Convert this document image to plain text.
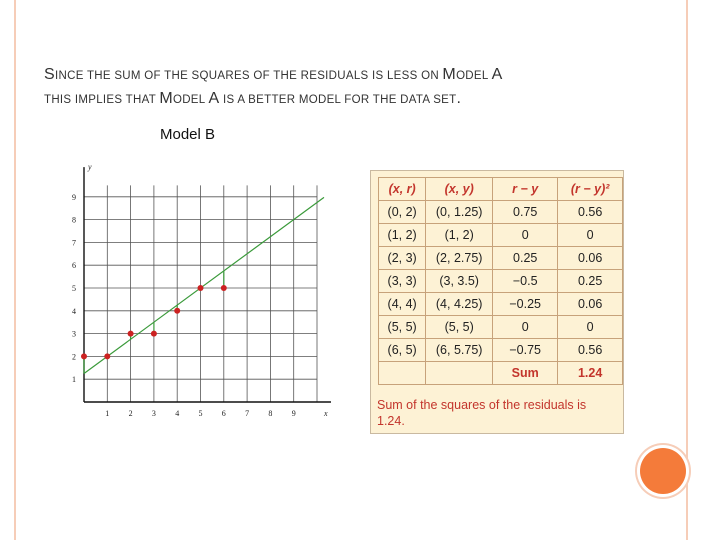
SINCE THE SUM OF THE SQUARES OF THE RESIDUALS IS LESS ON MODEL A
THIS IMPLIES THAT MODEL A IS A BETTER MODEL FOR THE DATA SET.
Model B
1 2 3 4 5 6 7 8 9
1
2
3
4
5
6
7
8
9
x
y
(x, r)	(x, y)	r − y	(r − y)²
(0, 2)	(0, 1.25)	0.75	0.56
(1, 2)	(1, 2)	0	0
(2, 3)	(2, 2.75)	0.25	0.06
(3, 3)	(3, 3.5)	−0.5	0.25
(4, 4)	(4, 4.25)	−0.25	0.06
(5, 5)	(5, 5)	0	0
(6, 5)	(6, 5.75)	−0.75	0.56
		Sum	1.24
Sum of the squares of the residuals is 1.24.
